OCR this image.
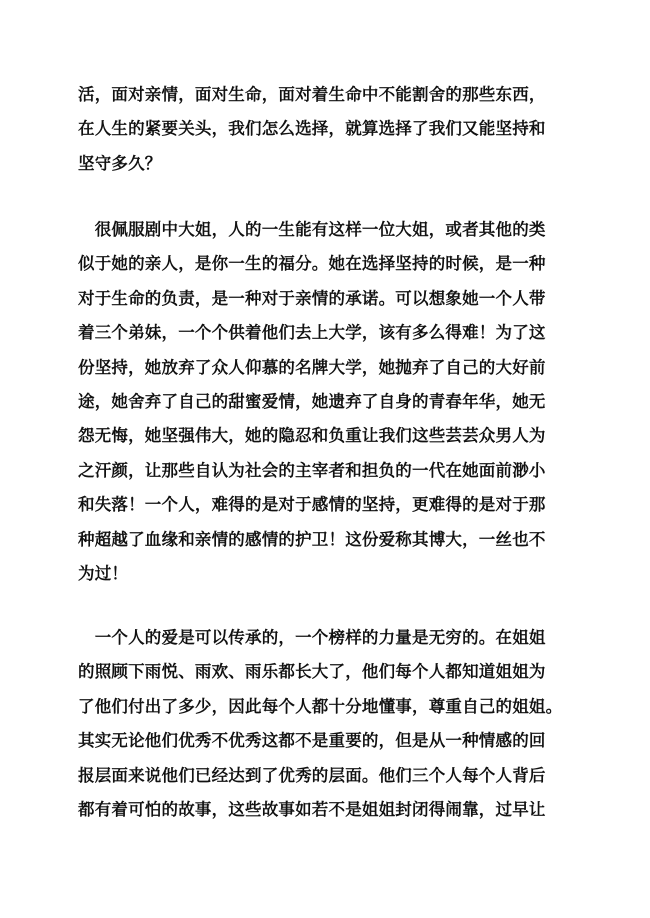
活，面对亲情，面对生命，面对着生命中不能割舍的那些东西，
在人生的紧要关头，我们怎么选择，就算选择了我们又能坚持和
坚守多久？
　很佩服剧中大姐，人的一生能有这样一位大姐，或者其他的类
似于她的亲人，是你一生的福分。她在选择坚持的时候，是一种
对于生命的负责，是一种对于亲情的承诺。可以想象她一个人带
着三个弟妹，一个个供着他们去上大学，该有多么得难！为了这
份坚持，她放弃了众人仰慕的名牌大学，她抛弃了自己的大好前
途，她舍弃了自己的甜蜜爱情，她遗弃了自身的青春年华，她无
怨无悔，她坚强伟大，她的隐忍和负重让我们这些芸芸众男人为
之汗颜，让那些自认为社会的主宰者和担负的一代在她面前渺小
和失落！一个人，难得的是对于感情的坚持，更难得的是对于那
种超越了血缘和亲情的感情的护卫！这份爱称其博大，一丝也不
为过！
　一个人的爱是可以传承的，一个榜样的力量是无穷的。在姐姐
的照顾下雨悦、雨欢、雨乐都长大了，他们每个人都知道姐姐为
了他们付出了多少，因此每个人都十分地懂事，尊重自己的姐姐。
其实无论他们优秀不优秀这都不是重要的，但是从一种情感的回
报层面来说他们已经达到了优秀的层面。他们三个人每个人背后
都有着可怕的故事，这些故事如若不是姐姐封闭得闹靠，过早让
